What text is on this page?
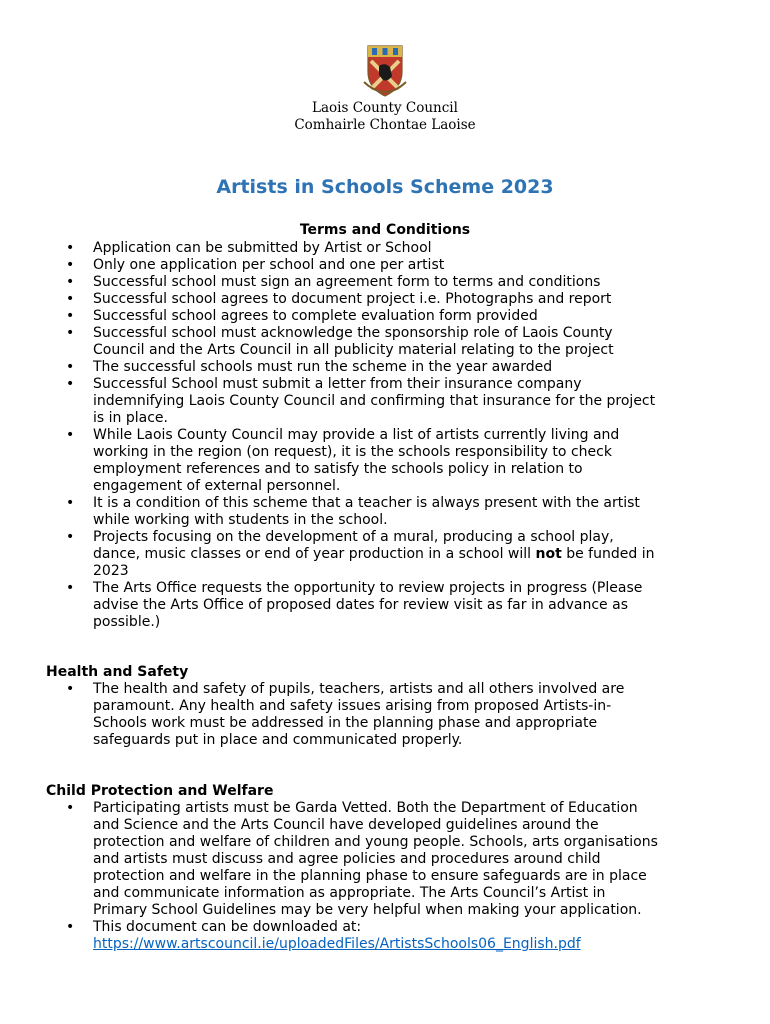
Laois County Council
Comhairle Chontae Laoise
Artists in Schools Scheme 2023
Terms and Conditions
• Application can be submitted by Artist or School
• Only one application per school and one per artist
• Successful school must sign an agreement form to terms and conditions
• Successful school agrees to document project i.e. Photographs and report
• Successful school agrees to complete evaluation form provided
• Successful school must acknowledge the sponsorship role of Laois County
Council and the Arts Council in all publicity material relating to the project
• The successful schools must run the scheme in the year awarded
• Successful School must submit a letter from their insurance company
indemnifying Laois County Council and confirming that insurance for the project
is in place.
• While Laois County Council may provide a list of artists currently living and
working in the region (on request), it is the schools responsibility to check
employment references and to satisfy the schools policy in relation to
engagement of external personnel.
• It is a condition of this scheme that a teacher is always present with the artist
while working with students in the school.
• Projects focusing on the development of a mural, producing a school play,
dance, music classes or end of year production in a school will not be funded in
2023
• The Arts Office requests the opportunity to review projects in progress (Please
advise the Arts Office of proposed dates for review visit as far in advance as
possible.)
Health and Safety
• The health and safety of pupils, teachers, artists and all others involved are
paramount. Any health and safety issues arising from proposed Artists-in-
Schools work must be addressed in the planning phase and appropriate
safeguards put in place and communicated properly.
Child Protection and Welfare
• Participating artists must be Garda Vetted. Both the Department of Education
and Science and the Arts Council have developed guidelines around the
protection and welfare of children and young people. Schools, arts organisations
and artists must discuss and agree policies and procedures around child
protection and welfare in the planning phase to ensure safeguards are in place
and communicate information as appropriate. The Arts Council’s Artist in
Primary School Guidelines may be very helpful when making your application.
• This document can be downloaded at:
https://www.artscouncil.ie/uploadedFiles/ArtistsSchools06_English.pdf
